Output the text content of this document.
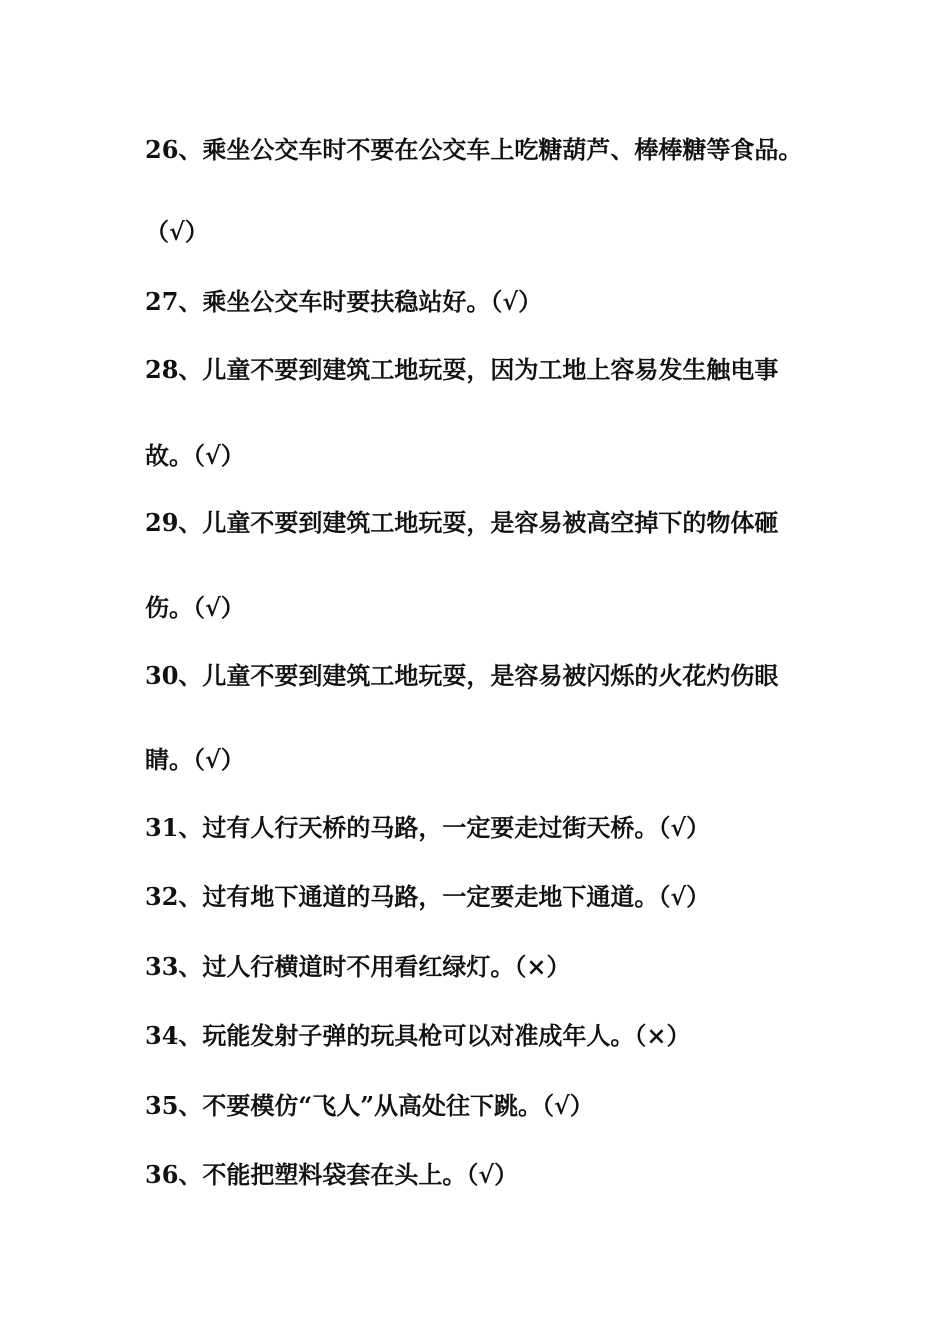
26、乘坐公交车时不要在公交车上吃糖葫芦、棒棒糖等食品。
（√）
27、乘坐公交车时要扶稳站好。（√）
28、儿童不要到建筑工地玩耍，因为工地上容易发生触电事
故。（√）
29、儿童不要到建筑工地玩耍，是容易被高空掉下的物体砸
伤。（√）
30、儿童不要到建筑工地玩耍，是容易被闪烁的火花灼伤眼
睛。（√）
31、过有人行天桥的马路，一定要走过街天桥。（√）
32、过有地下通道的马路，一定要走地下通道。（√）
33、过人行横道时不用看红绿灯。（×）
34、玩能发射子弹的玩具枪可以对准成年人。（×）
35、不要模仿“飞人”从高处往下跳。（√）
36、不能把塑料袋套在头上。（√）
